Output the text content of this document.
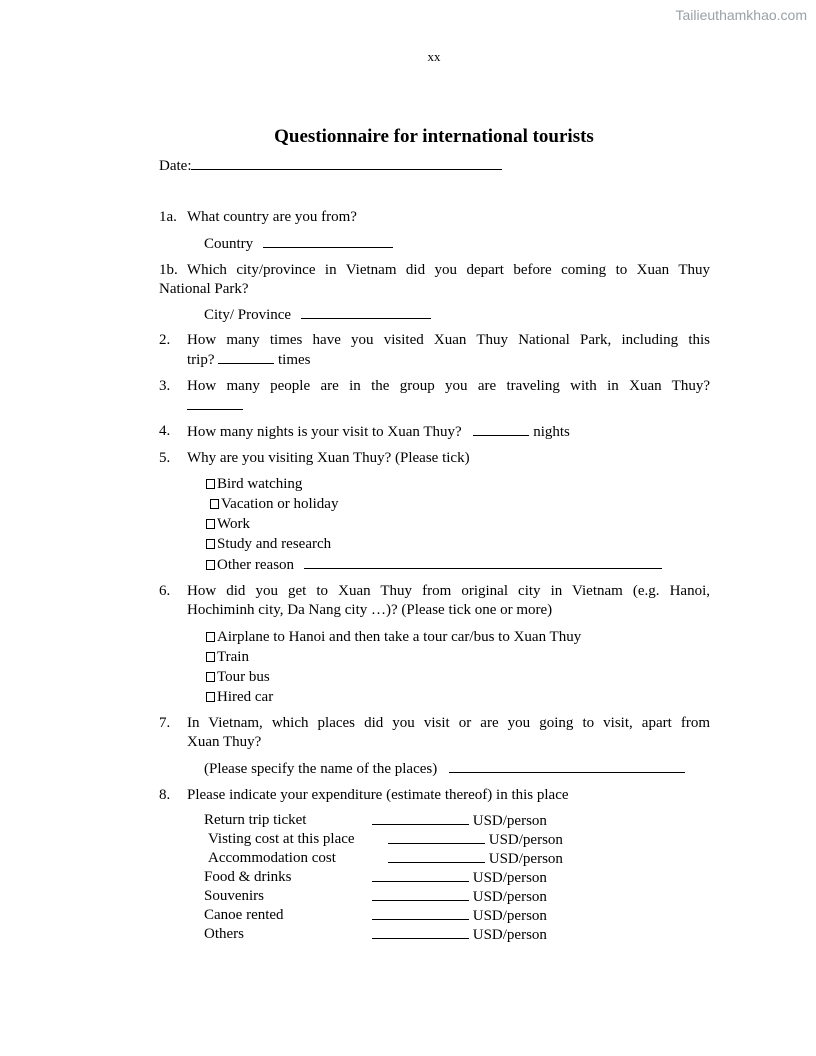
Tailieuthamkhao.com
xx
Questionnaire for international tourists
Date:
1a. What country are you from?
Country
1b. Which city/province in Vietnam did you depart before coming to Xuan Thuy
National Park?
City/ Province
2. How many times have you visited Xuan Thuy National Park, including this
trip?	times
3. How many people are in the group you are traveling with in Xuan Thuy?
4. How many nights is your visit to Xuan Thuy?	nights
5. Why are you visiting Xuan Thuy? (Please tick)
Bird watching
Vacation or holiday
Work
Study and research
Other reason
6. How did you get to Xuan Thuy from original city in Vietnam (e.g. Hanoi,
Hochiminh city, Da Nang city …)? (Please tick one or more)
Airplane to Hanoi and then take a tour car/bus to Xuan Thuy
Train
Tour bus
Hired car
7. In Vietnam, which places did you visit or are you going to visit, apart from
Xuan Thuy?
(Please specify the name of the places)
8. Please indicate your expenditure (estimate thereof) in this place
Return trip ticket	USD/person
Visting cost at this place	USD/person
Accommodation cost	USD/person
Food & drinks	USD/person
Souvenirs	USD/person
Canoe rented	USD/person
Others	USD/person
